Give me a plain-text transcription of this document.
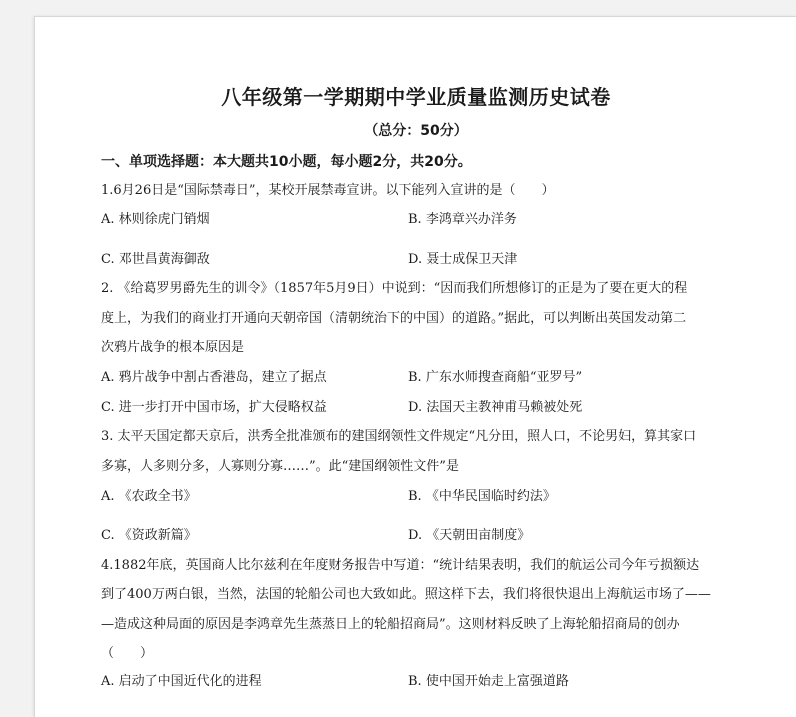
八年级第一学期期中学业质量监测历史试卷
（总分：50分）
一、单项选择题：本大题共10小题，每小题2分，共20分。
1.6月26日是“国际禁毒日”，某校开展禁毒宣讲。以下能列入宣讲的是（　　）
A. 林则徐虎门销烟	B. 李鸿章兴办洋务
C. 邓世昌黄海御敌	D. 聂士成保卫天津
2. 《给葛罗男爵先生的训令》（1857年5月9日）中说到：“因而我们所想修订的正是为了要在更大的程
度上，为我们的商业打开通向天朝帝国（清朝统治下的中国）的道路。”据此，可以判断出英国发动第二
次鸦片战争的根本原因是
A. 鸦片战争中割占香港岛，建立了据点	B. 广东水师搜查商船“亚罗号”
C. 进一步打开中国市场，扩大侵略权益	D. 法国天主教神甫马赖被处死
3. 太平天国定都天京后，洪秀全批准颁布的建国纲领性文件规定“凡分田，照人口，不论男妇，算其家口
多寡，人多则分多，人寡则分寡……”。此“建国纲领性文件”是
A. 《农政全书》	B. 《中华民国临时约法》
C. 《资政新篇》	D. 《天朝田亩制度》
4.1882年底，英国商人比尔兹利在年度财务报告中写道：“统计结果表明，我们的航运公司今年亏损额达
到了400万两白银，当然，法国的轮船公司也大致如此。照这样下去，我们将很快退出上海航运市场了——
—造成这种局面的原因是李鸿章先生蒸蒸日上的轮船招商局”。这则材料反映了上海轮船招商局的创办
（　　）
A. 启动了中国近代化的进程	B. 使中国开始走上富强道路
